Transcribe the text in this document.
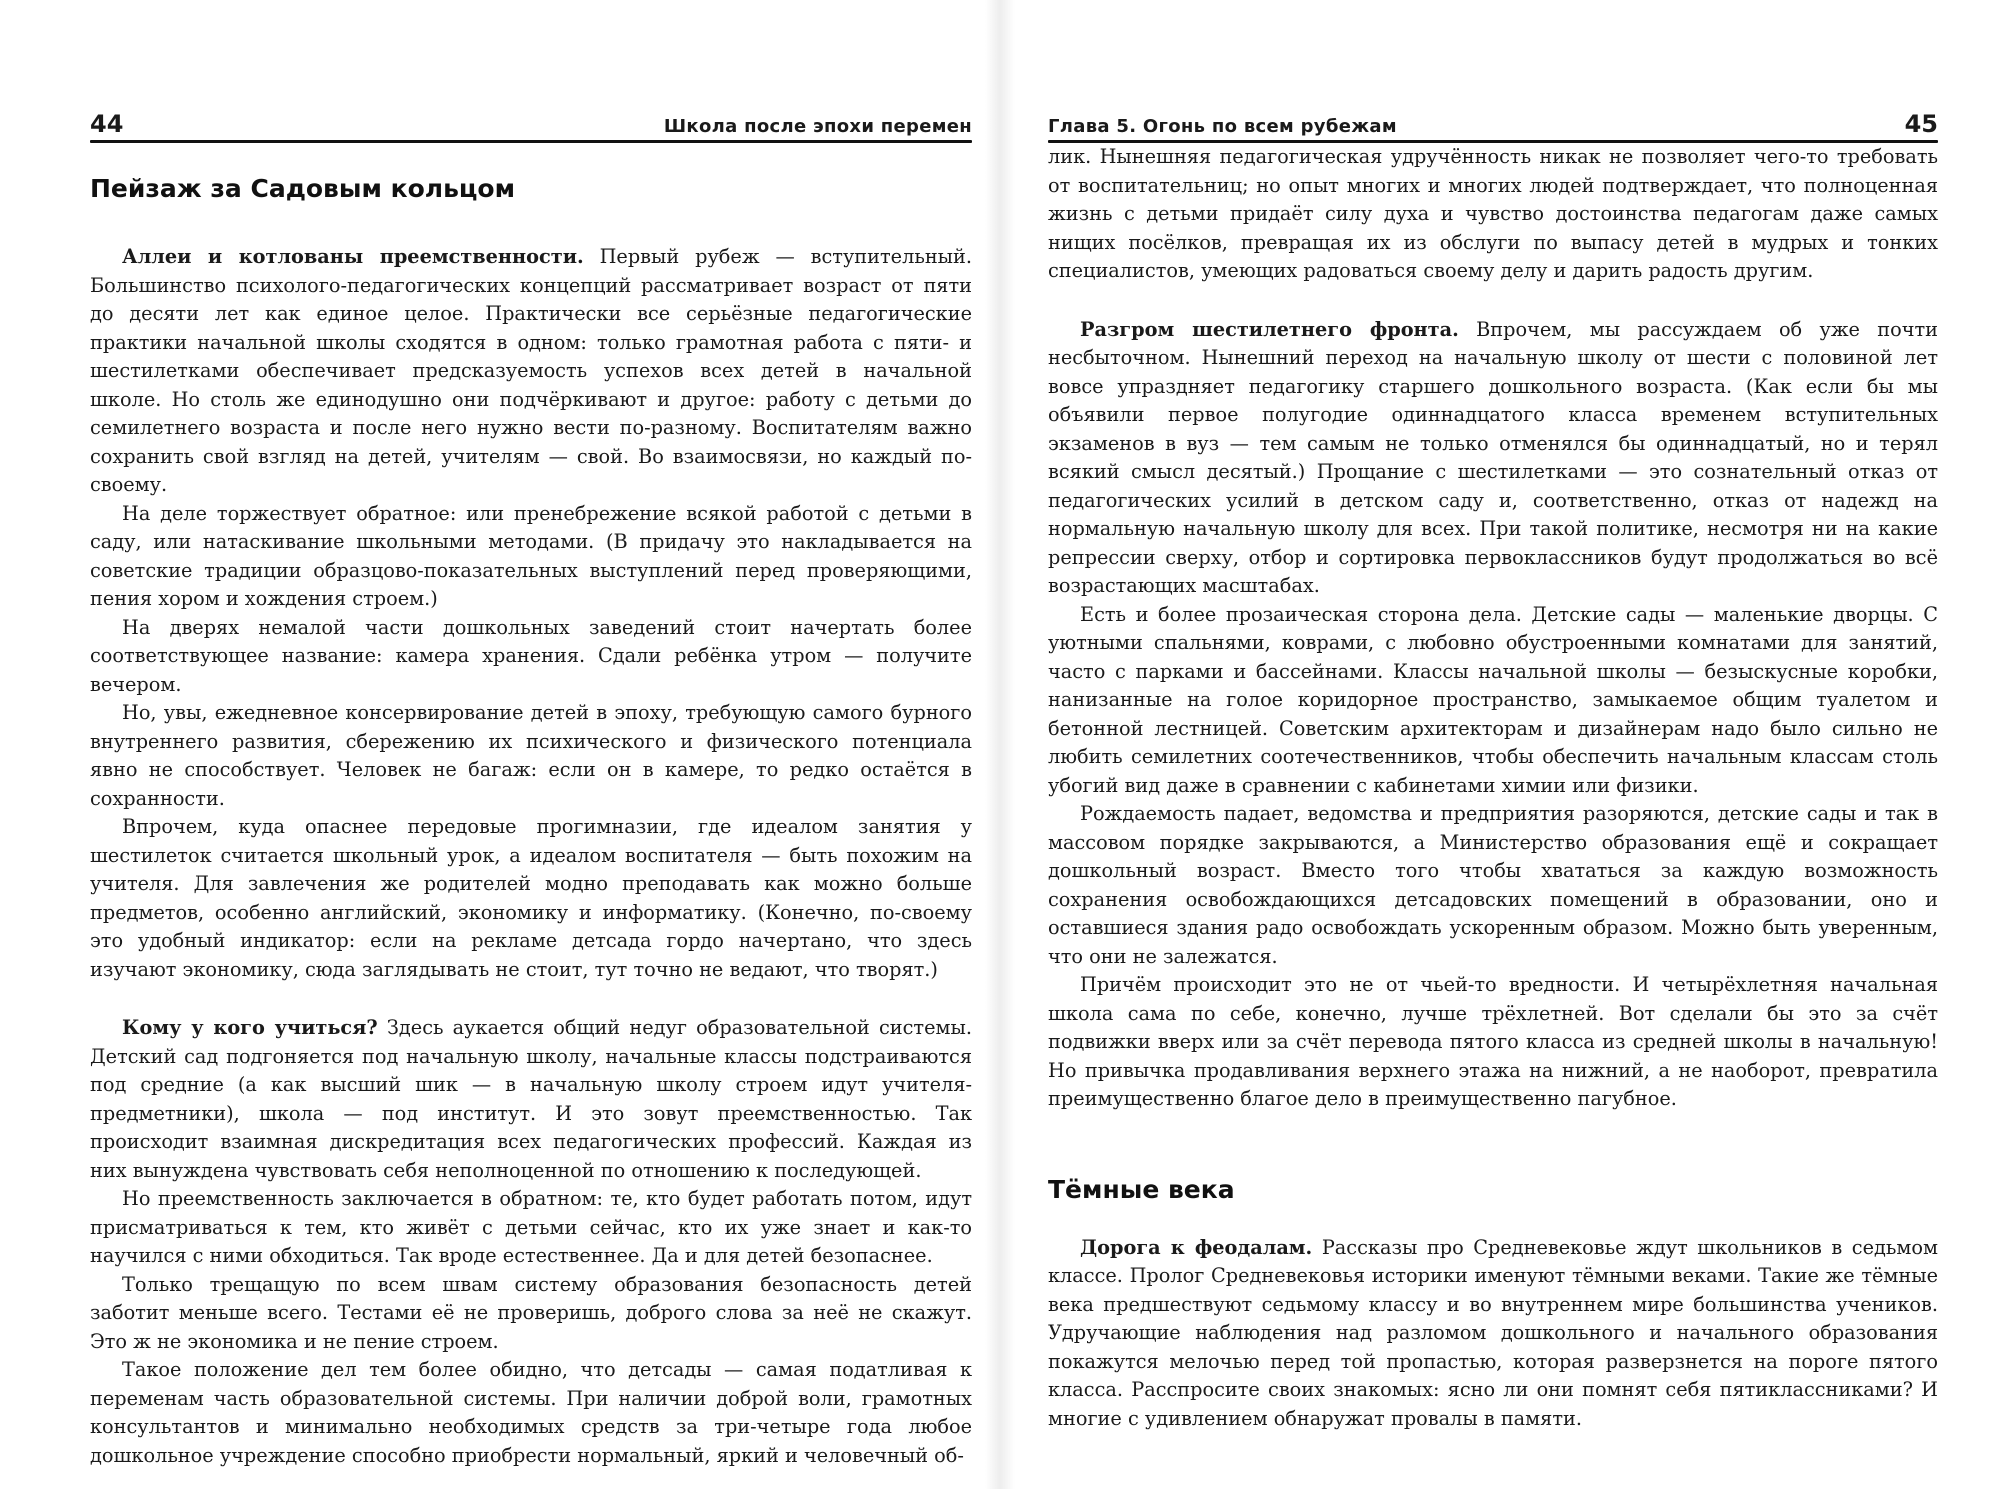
44	Школа после эпохи перемен
Пейзаж за Садовым кольцом

Аллеи и котлованы преемственности. Первый рубеж — вступительный. Большинство психолого-педагогических концепций рассматривает возраст от пяти до десяти лет как единое целое. Практически все серьёзные педагогические практики начальной школы сходятся в одном: только грамотная работа с пяти- и шестилетками обеспечивает предсказуемость успехов всех детей в начальной школе. Но столь же единодушно они подчёркивают и другое: работу с детьми до семилетнего возраста и после него нужно вести по-разному. Воспитателям важно сохранить свой взгляд на детей, учителям — свой. Во взаимосвязи, но каждый по-своему.

На деле торжествует обратное: или пренебрежение всякой работой с детьми в саду, или натаскивание школьными методами. (В придачу это накладывается на советские традиции образцово-показательных выступлений перед проверяющими, пения хором и хождения строем.)

На дверях немалой части дошкольных заведений стоит начертать более соответствующее название: камера хранения. Сдали ребёнка утром — получите вечером.

Но, увы, ежедневное консервирование детей в эпоху, требующую самого бурного внутреннего развития, сбережению их психического и физического потенциала явно не способствует. Человек не багаж: если он в камере, то редко остаётся в сохранности.

Впрочем, куда опаснее передовые прогимназии, где идеалом занятия у шестилеток считается школьный урок, а идеалом воспитателя — быть похожим на учителя. Для завлечения же родителей модно преподавать как можно больше предметов, особенно английский, экономику и информатику. (Конечно, по-своему это удобный индикатор: если на рекламе детсада гордо начертано, что здесь изучают экономику, сюда заглядывать не стоит, тут точно не ведают, что творят.)

Кому у кого учиться? Здесь аукается общий недуг образовательной системы. Детский сад подгоняется под начальную школу, начальные классы подстраиваются под средние (а как высший шик — в начальную школу строем идут учителя-предметники), школа — под институт. И это зовут преемственностью. Так происходит взаимная дискредитация всех педагогических профессий. Каждая из них вынуждена чувствовать себя неполноценной по отношению к последующей.

Но преемственность заключается в обратном: те, кто будет работать потом, идут присматриваться к тем, кто живёт с детьми сейчас, кто их уже знает и как-то научился с ними обходиться. Так вроде естественнее. Да и для детей безопаснее.

Только трещащую по всем швам систему образования безопасность детей заботит меньше всего. Тестами её не проверишь, доброго слова за неё не скажут. Это ж не экономика и не пение строем.

Такое положение дел тем более обидно, что детсады — самая податливая к переменам часть образовательной системы. При наличии доброй воли, грамотных консультантов и минимально необходимых средств за три-четыре года любое дошкольное учреждение способно приобрести нормальный, яркий и человечный об-

Глава 5. Огонь по всем рубежам	45

лик. Нынешняя педагогическая удручённость никак не позволяет чего-то требовать от воспитательниц; но опыт многих и многих людей подтверждает, что полноценная жизнь с детьми придаёт силу духа и чувство достоинства педагогам даже самых нищих посёлков, превращая их из обслуги по выпасу детей в мудрых и тонких специалистов, умеющих радоваться своему делу и дарить радость другим.

Разгром шестилетнего фронта. Впрочем, мы рассуждаем об уже почти несбыточном. Нынешний переход на начальную школу от шести с половиной лет вовсе упраздняет педагогику старшего дошкольного возраста. (Как если бы мы объявили первое полугодие одиннадцатого класса временем вступительных экзаменов в вуз — тем самым не только отменялся бы одиннадцатый, но и терял всякий смысл десятый.) Прощание с шестилетками — это сознательный отказ от педагогических усилий в детском саду и, соответственно, отказ от надежд на нормальную начальную школу для всех. При такой политике, несмотря ни на какие репрессии сверху, отбор и сортировка первоклассников будут продолжаться во всё возрастающих масштабах.

Есть и более прозаическая сторона дела. Детские сады — маленькие дворцы. С уютными спальнями, коврами, с любовно обустроенными комнатами для занятий, часто с парками и бассейнами. Классы начальной школы — безыскусные коробки, нанизанные на голое коридорное пространство, замыкаемое общим туалетом и бетонной лестницей. Советским архитекторам и дизайнерам надо было сильно не любить семилетних соотечественников, чтобы обеспечить начальным классам столь убогий вид даже в сравнении с кабинетами химии или физики.

Рождаемость падает, ведомства и предприятия разоряются, детские сады и так в массовом порядке закрываются, а Министерство образования ещё и сокращает дошкольный возраст. Вместо того чтобы хвататься за каждую возможность сохранения освобождающихся детсадовских помещений в образовании, оно и оставшиеся здания радо освобождать ускоренным образом. Можно быть уверенным, что они не залежатся.

Причём происходит это не от чьей-то вредности. И четырёхлетняя начальная школа сама по себе, конечно, лучше трёхлетней. Вот сделали бы это за счёт подвижки вверх или за счёт перевода пятого класса из средней школы в начальную! Но привычка продавливания верхнего этажа на нижний, а не наоборот, превратила преимущественно благое дело в преимущественно пагубное.

Тёмные века

Дорога к феодалам. Рассказы про Средневековье ждут школьников в седьмом классе. Пролог Средневековья историки именуют тёмными веками. Такие же тёмные века предшествуют седьмому классу и во внутреннем мире большинства учеников. Удручающие наблюдения над разломом дошкольного и начального образования покажутся мелочью перед той пропастью, которая разверзнется на пороге пятого класса. Расспросите своих знакомых: ясно ли они помнят себя пятиклассниками? И многие с удивлением обнаружат провалы в памяти.
